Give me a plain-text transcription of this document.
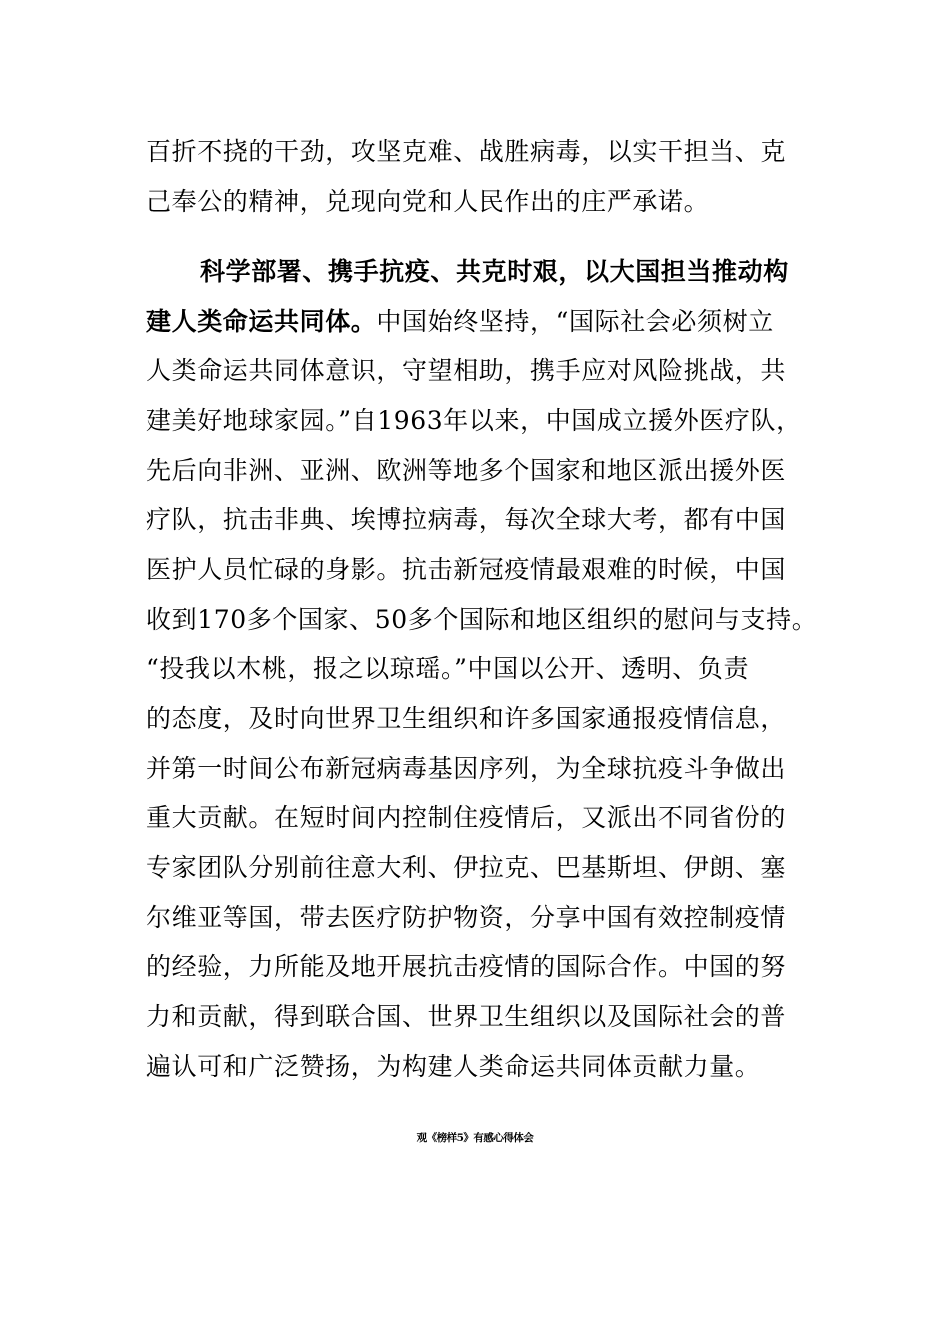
百折不挠的干劲，攻坚克难、战胜病毒，以实干担当、克
己奉公的精神，兑现向党和人民作出的庄严承诺。
科学部署、携手抗疫、共克时艰，以大国担当推动构
建人类命运共同体。中国始终坚持，“国际社会必须树立
人类命运共同体意识，守望相助，携手应对风险挑战，共
建美好地球家园。”自1963年以来，中国成立援外医疗队，
先后向非洲、亚洲、欧洲等地多个国家和地区派出援外医
疗队，抗击非典、埃博拉病毒，每次全球大考，都有中国
医护人员忙碌的身影。抗击新冠疫情最艰难的时候，中国
收到170多个国家、50多个国际和地区组织的慰问与支持。
“投我以木桃，报之以琼瑶。”中国以公开、透明、负责
的态度，及时向世界卫生组织和许多国家通报疫情信息，
并第一时间公布新冠病毒基因序列，为全球抗疫斗争做出
重大贡献。在短时间内控制住疫情后，又派出不同省份的
专家团队分别前往意大利、伊拉克、巴基斯坦、伊朗、塞
尔维亚等国，带去医疗防护物资，分享中国有效控制疫情
的经验，力所能及地开展抗击疫情的国际合作。中国的努
力和贡献，得到联合国、世界卫生组织以及国际社会的普
遍认可和广泛赞扬，为构建人类命运共同体贡献力量。
观《榜样5》有感心得体会
